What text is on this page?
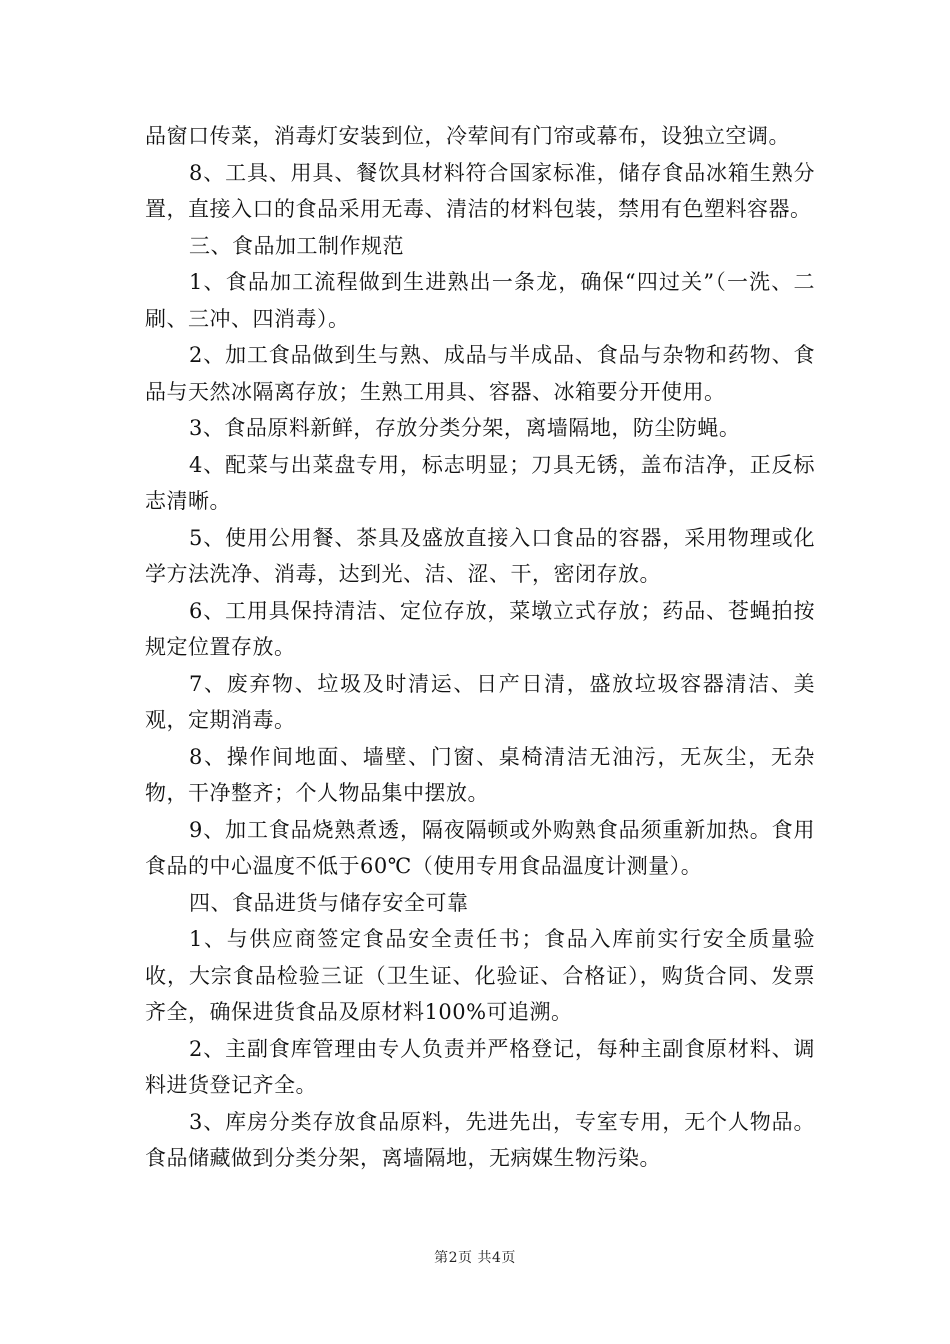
品窗口传菜，消毒灯安装到位，冷荤间有门帘或幕布，设独立空调。

8、工具、用具、餐饮具材料符合国家标准，储存食品冰箱生熟分置，直接入口的食品采用无毒、清洁的材料包装，禁用有色塑料容器。

三、食品加工制作规范

1、食品加工流程做到生进熟出一条龙，确保“四过关”（一洗、二刷、三冲、四消毒）。

2、加工食品做到生与熟、成品与半成品、食品与杂物和药物、食品与天然冰隔离存放；生熟工用具、容器、冰箱要分开使用。

3、食品原料新鲜，存放分类分架，离墙隔地，防尘防蝇。

4、配菜与出菜盘专用，标志明显；刀具无锈，盖布洁净，正反标志清晰。

5、使用公用餐、茶具及盛放直接入口食品的容器，采用物理或化学方法洗净、消毒，达到光、洁、涩、干，密闭存放。

6、工用具保持清洁、定位存放，菜墩立式存放；药品、苍蝇拍按规定位置存放。

7、废弃物、垃圾及时清运、日产日清，盛放垃圾容器清洁、美观，定期消毒。

8、操作间地面、墙壁、门窗、桌椅清洁无油污，无灰尘，无杂物，干净整齐；个人物品集中摆放。

9、加工食品烧熟煮透，隔夜隔顿或外购熟食品须重新加热。食用食品的中心温度不低于60℃（使用专用食品温度计测量）。

四、食品进货与储存安全可靠

1、与供应商签定食品安全责任书；食品入库前实行安全质量验收，大宗食品检验三证（卫生证、化验证、合格证），购货合同、发票齐全，确保进货食品及原材料100%可追溯。

2、主副食库管理由专人负责并严格登记，每种主副食原材料、调料进货登记齐全。

3、库房分类存放食品原料，先进先出，专室专用，无个人物品。食品储藏做到分类分架，离墙隔地，无病媒生物污染。

第2页 共4页
